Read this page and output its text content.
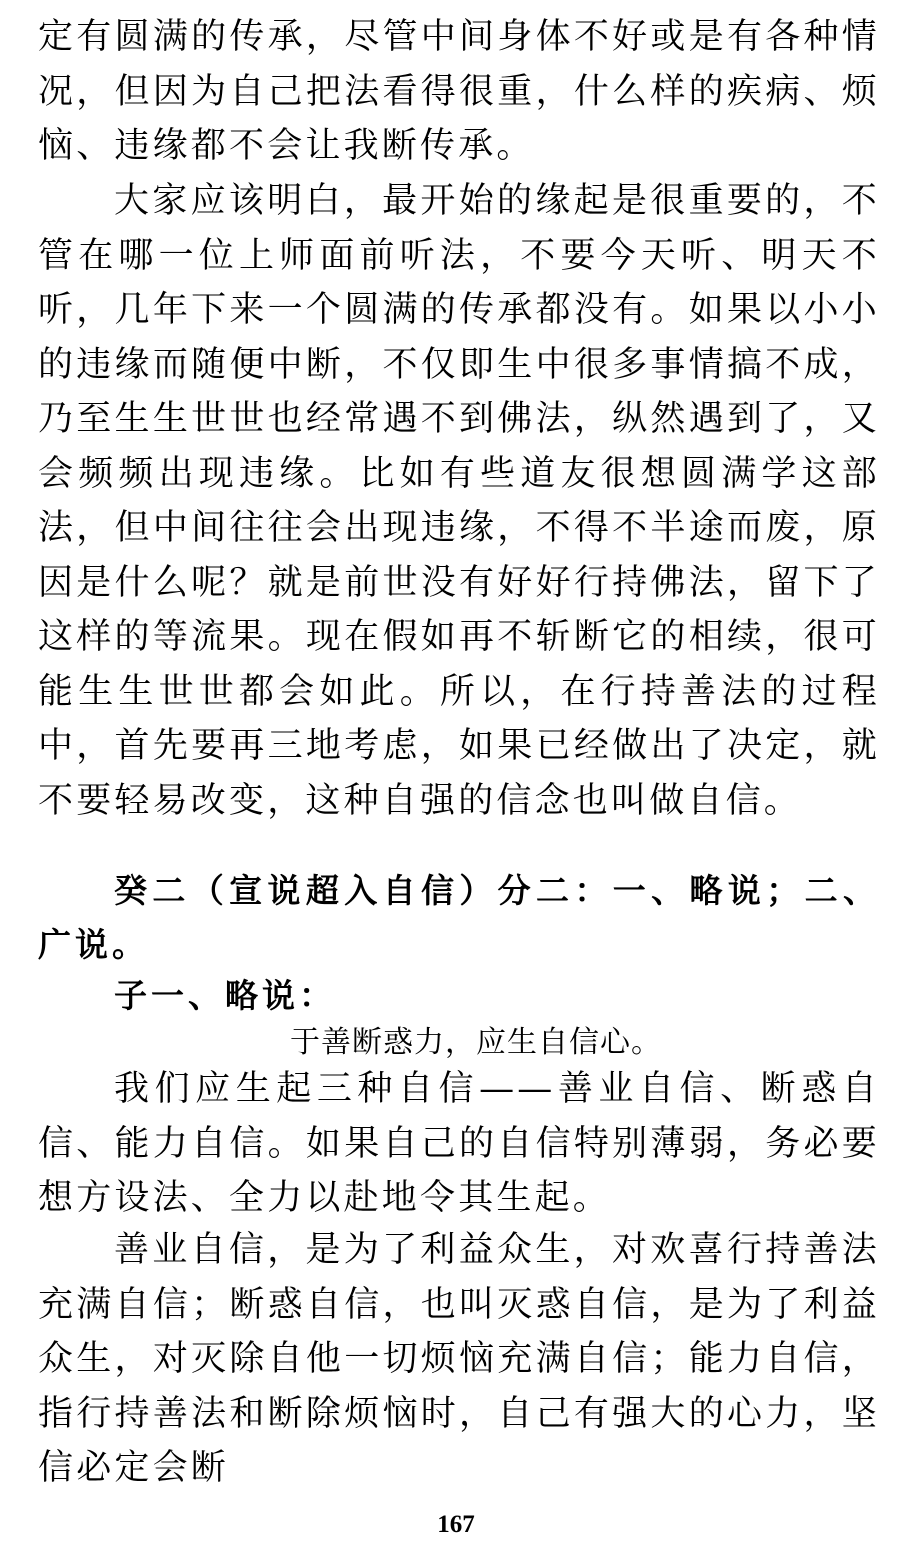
定有圆满的传承，尽管中间身体不好或是有各种情况，但因为自己把法看得很重，什么样的疾病、烦恼、违缘都不会让我断传承。
大家应该明白，最开始的缘起是很重要的，不管在哪一位上师面前听法，不要今天听、明天不听，几年下来一个圆满的传承都没有。如果以小小的违缘而随便中断，不仅即生中很多事情搞不成，乃至生生世世也经常遇不到佛法，纵然遇到了，又会频频出现违缘。比如有些道友很想圆满学这部法，但中间往往会出现违缘，不得不半途而废，原因是什么呢？就是前世没有好好行持佛法，留下了这样的等流果。现在假如再不斩断它的相续，很可能生生世世都会如此。所以，在行持善法的过程中，首先要再三地考虑，如果已经做出了决定，就不要轻易改变，这种自强的信念也叫做自信。
癸二（宣说超入自信）分二：一、略说；二、广说。
子一、略说：
于善断惑力，应生自信心。
我们应生起三种自信——善业自信、断惑自信、能力自信。如果自己的自信特别薄弱，务必要想方设法、全力以赴地令其生起。
善业自信，是为了利益众生，对欢喜行持善法充满自信；断惑自信，也叫灭惑自信，是为了利益众生，对灭除自他一切烦恼充满自信；能力自信，指行持善法和断除烦恼时，自己有强大的心力，坚信必定会断
167
